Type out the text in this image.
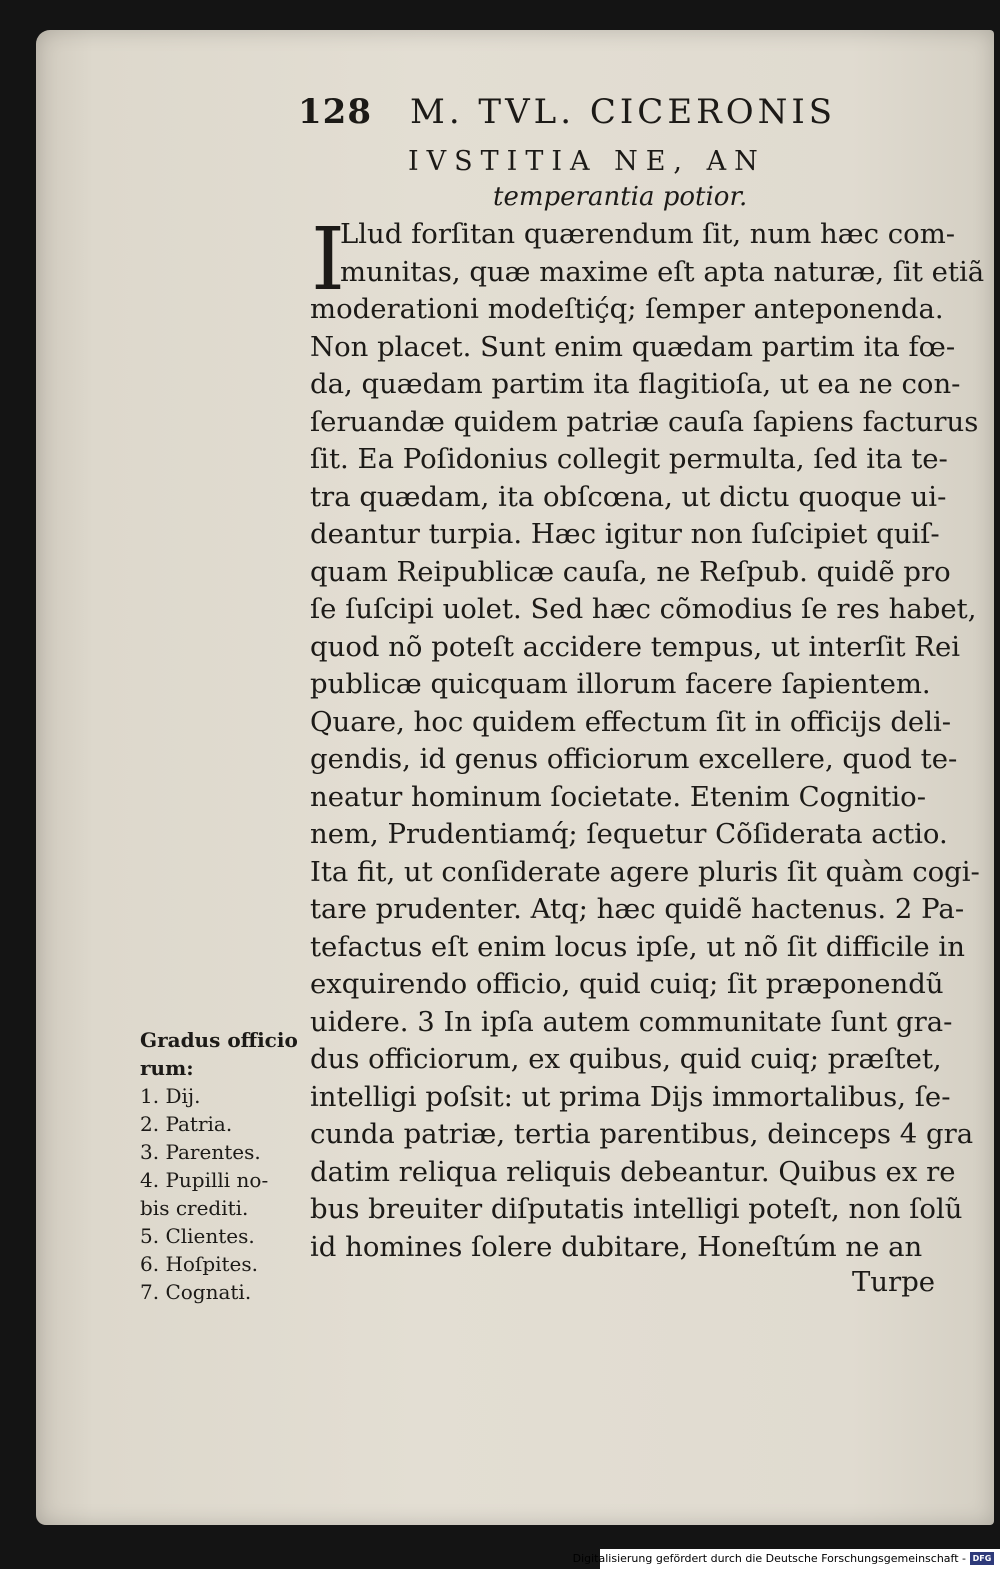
128 M. TVL. CICERONIS
IVSTITIA NE, AN
temperantia potior.
I
Llud forſitan quærendum ſit, num hæc com-
munitas, quæ maxime eſt apta naturæ, ſit etiã
moderationi modeſtiḉq; ſemper anteponenda.
Non placet. Sunt enim quædam partim ita fœ-
da, quædam partim ita flagitioſa, ut ea ne con-
ſeruandæ quidem patriæ cauſa ſapiens facturus
ſit. Ea Poſidonius collegit permulta, ſed ita te-
tra quædam, ita obſcœna, ut dictu quoque ui-
deantur turpia. Hæc igitur non ſuſcipiet quiſ-
quam Reipublicæ cauſa, ne Reſpub. quidẽ pro
ſe ſuſcipi uolet. Sed hæc cõmodius ſe res habet,
quod nõ poteſt accidere tempus, ut interſit Rei
publicæ quicquam illorum facere ſapientem.
Quare, hoc quidem effectum ſit in officijs deli-
gendis, id genus officiorum excellere, quod te-
neatur hominum ſocietate. Etenim Cognitio-
nem, Prudentiamq́; ſequetur Cõſiderata actio.
Ita fit, ut conſiderate agere pluris ſit quàm cogi-
tare prudenter. Atq; hæc quidẽ hactenus. 2 Pa-
tefactus eſt enim locus ipſe, ut nõ ſit difficile in
exquirendo officio, quid cuiq; ſit præponendũ
uidere. 3 In ipſa autem communitate ſunt gra-
dus officiorum, ex quibus, quid cuiq; præſtet,
intelligi poſsit: ut prima Dijs immortalibus, ſe-
cunda patriæ, tertia parentibus, deinceps 4 gra
datim reliqua reliquis debeantur. Quibus ex re
bus breuiter diſputatis intelligi poteſt, non ſolũ
id homines ſolere dubitare, Honeſtúm ne an
Turpe
Gradus officio
rum:
1. Dij.
2. Patria.
3. Parentes.
4. Pupilli no-
bis crediti.
5. Clientes.
6. Hoſpites.
7. Cognati.
Digitalisierung gefördert durch die Deutsche Forschungsgemeinschaft - DFG
